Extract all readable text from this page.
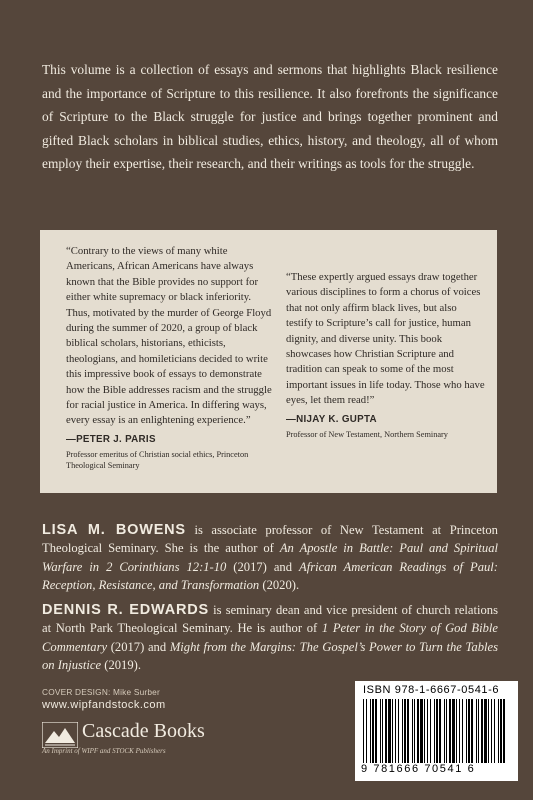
This volume is a collection of essays and sermons that highlights Black resilience and the importance of Scripture to this resilience. It also forefronts the significance of Scripture to the Black struggle for justice and brings together prominent and gifted Black scholars in biblical studies, ethics, history, and theology, all of whom employ their expertise, their research, and their writings as tools for the struggle.

“Contrary to the views of many white Americans, African Americans have always known that the Bible provides no support for either white supremacy or black inferiority. Thus, motivated by the murder of George Floyd during the summer of 2020, a group of black biblical scholars, historians, ethicists, theologians, and homileticians decided to write this impressive book of essays to demonstrate how the Bible addresses racism and the struggle for racial justice in America. In differing ways, every essay is an enlightening experience.”

—PETER J. PARIS
Professor emeritus of Christian social ethics, Princeton Theological Seminary

“These expertly argued essays draw together various disciplines to form a chorus of voices that not only affirm black lives, but also testify to Scripture’s call for justice, human dignity, and diverse unity. This book showcases how Christian Scripture and tradition can speak to some of the most important issues in life today. Those who have eyes, let them read!”

—NIJAY K. GUPTA
Professor of New Testament, Northern Seminary

LISA M. BOWENS is associate professor of New Testament at Princeton Theological Seminary. She is the author of An Apostle in Battle: Paul and Spiritual Warfare in 2 Corinthians 12:1-10 (2017) and African American Readings of Paul: Reception, Resistance, and Transformation (2020).

DENNIS R. EDWARDS is seminary dean and vice president of church relations at North Park Theological Seminary. He is author of 1 Peter in the Story of God Bible Commentary (2017) and Might from the Margins: The Gospel’s Power to Turn the Tables on Injustice (2019).

COVER DESIGN: Mike Surber
www.wipfandstock.com
Cascade Books
An Imprint of WIPF and STOCK Publishers
ISBN 978-1-6667-0541-6
9 781666 70541 6
